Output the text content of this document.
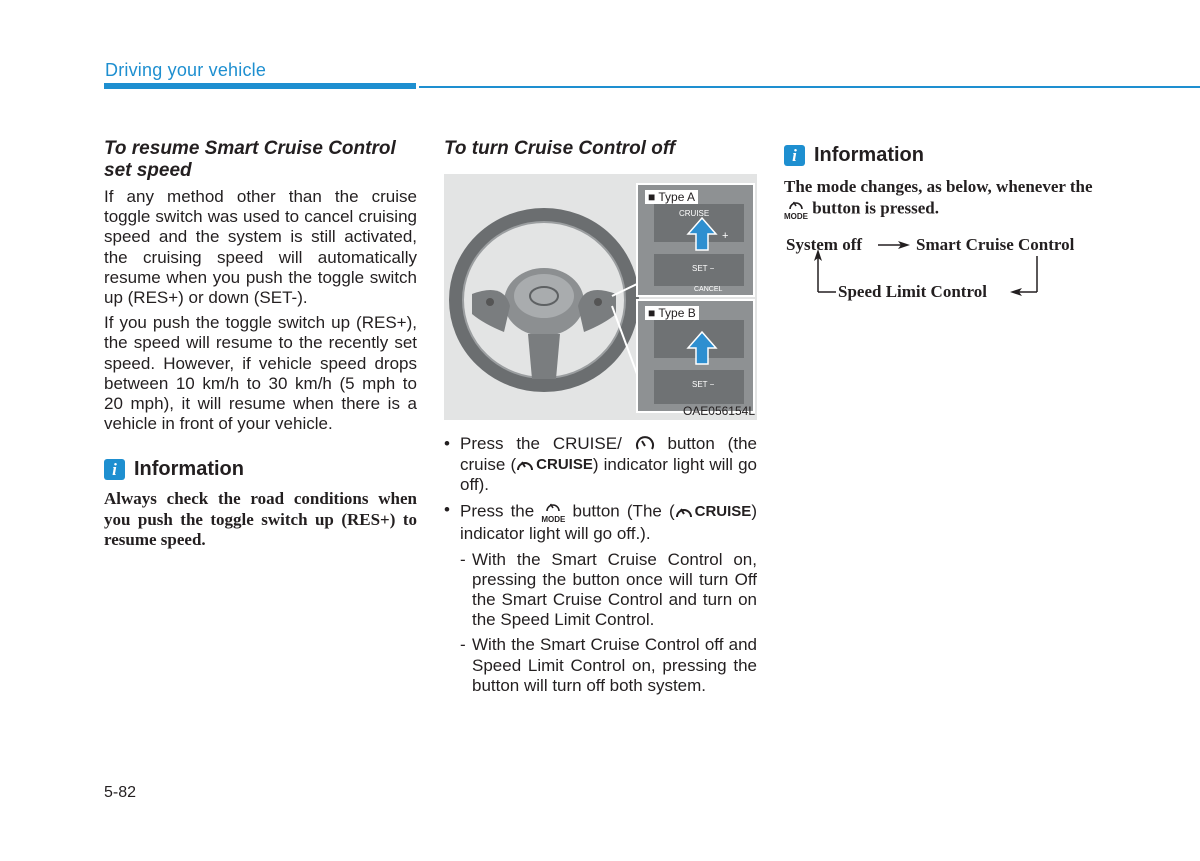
Driving your vehicle
To resume Smart Cruise Control set speed
If any method other than the cruise toggle switch was used to cancel cruising speed and the system is still activated, the cruising speed will automatically resume when you push the toggle switch up (RES+) or down (SET-).
If you push the toggle switch up (RES+), the speed will resume to the recently set speed. However, if vehicle speed drops between 10 km/h to 30 km/h (5 mph to 20 mph), it will resume when there is a vehicle in front of your vehicle.
i Information
Always check the road conditions when you push the toggle switch up (RES+) to resume speed.
To turn Cruise Control off
■ Type A
CRUISE
+
SET −
CANCEL
■ Type B
SET −
OAE056154L
• Press the CRUISE/	button (the cruise ( CRUISE ) indicator light will go off).
• Press the MODE button (The ( CRUISE ) indicator light will go off.).
- With the Smart Cruise Control on, pressing the button once will turn Off the Smart Cruise Control and turn on the Speed Limit Control.
- With the Smart Cruise Control off and Speed Limit Control on, pressing the button will turn off both system.
i Information
The mode changes, as below, whenever the
MODE button is pressed.
System off	Smart Cruise Control
Speed Limit Control
5-82
